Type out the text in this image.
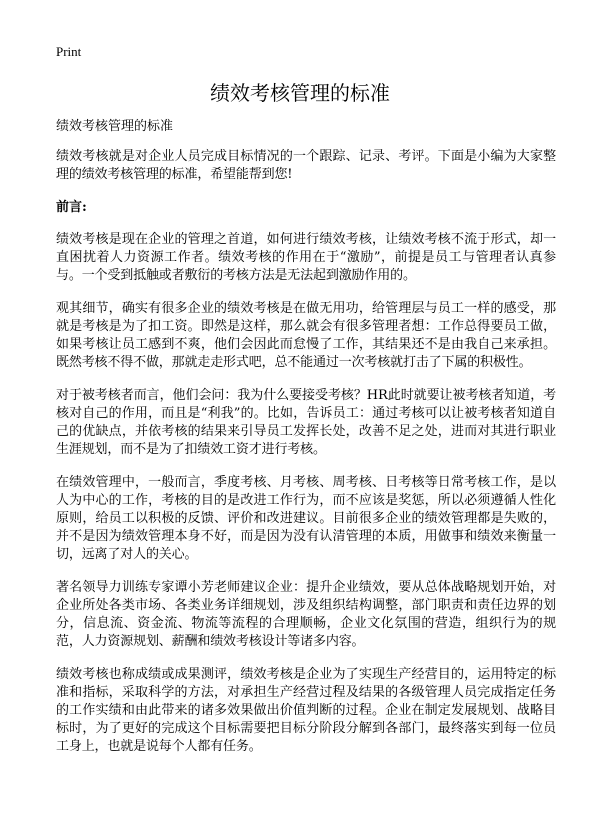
Print
绩效考核管理的标准

绩效考核管理的标准

绩效考核就是对企业人员完成目标情况的一个跟踪、记录、考评。下面是小编为大家整理的绩效考核管理的标准，希望能帮到您!

前言:

绩效考核是现在企业的管理之首道，如何进行绩效考核，让绩效考核不流于形式，却一直困扰着人力资源工作者。绩效考核的作用在于“激励”，前提是员工与管理者认真参与。一个受到抵触或者敷衍的考核方法是无法起到激励作用的。

观其细节，确实有很多企业的绩效考核是在做无用功，给管理层与员工一样的感受，那就是考核是为了扣工资。即然是这样，那么就会有很多管理者想：工作总得要员工做，如果考核让员工感到不爽，他们会因此而怠慢了工作，其结果还不是由我自己来承担。既然考核不得不做，那就走走形式吧，总不能通过一次考核就打击了下属的积极性。

对于被考核者而言，他们会问：我为什么要接受考核？HR此时就要让被考核者知道，考核对自己的作用，而且是“利我”的。比如，告诉员工：通过考核可以让被考核者知道自己的优缺点，并依考核的结果来引导员工发挥长处，改善不足之处，进而对其进行职业生涯规划，而不是为了扣绩效工资才进行考核。

在绩效管理中，一般而言，季度考核、月考核、周考核、日考核等日常考核工作，是以人为中心的工作，考核的目的是改进工作行为，而不应该是奖惩，所以必须遵循人性化原则，给员工以积极的反馈、评价和改进建议。目前很多企业的绩效管理都是失败的，并不是因为绩效管理本身不好，而是因为没有认清管理的本质，用做事和绩效来衡量一切，远离了对人的关心。

著名领导力训练专家谭小芳老师建议企业：提升企业绩效，要从总体战略规划开始，对企业所处各类市场、各类业务详细规划，涉及组织结构调整，部门职责和责任边界的划分，信息流、资金流、物流等流程的合理顺畅，企业文化氛围的营造，组织行为的规范，人力资源规划、薪酬和绩效考核设计等诸多内容。

绩效考核也称成绩或成果测评，绩效考核是企业为了实现生产经营目的，运用特定的标准和指标，采取科学的方法，对承担生产经营过程及结果的各级管理人员完成指定任务的工作实绩和由此带来的诸多效果做出价值判断的过程。企业在制定发展规划、战略目标时，为了更好的完成这个目标需要把目标分阶段分解到各部门，最终落实到每一位员工身上，也就是说每个人都有任务。
